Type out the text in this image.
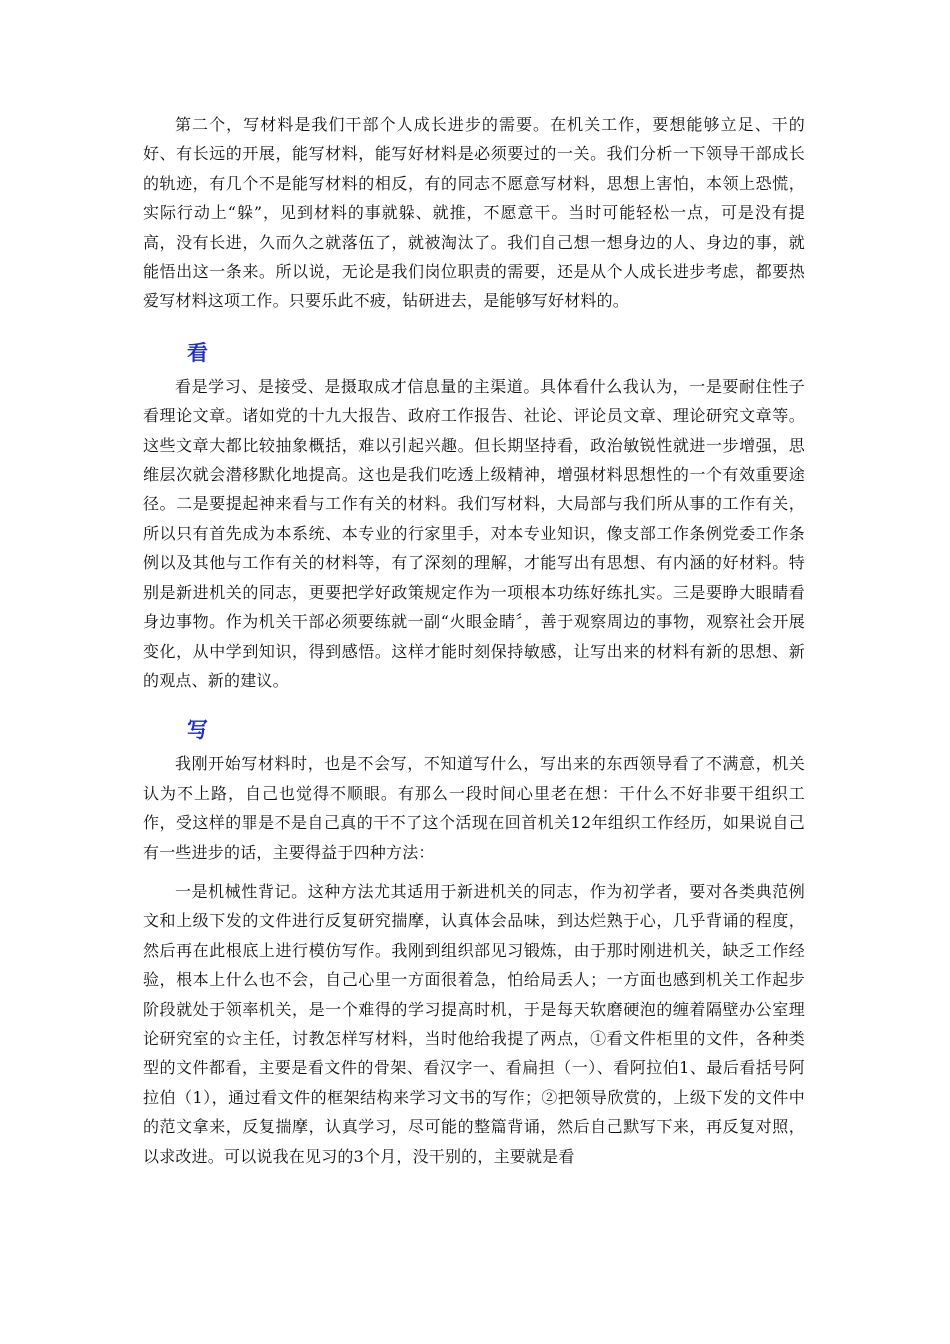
第二个，写材料是我们干部个人成长进步的需要。在机关工作，要想能够立足、干的好、有长远的开展，能写材料，能写好材料是必须要过的一关。我们分析一下领导干部成长的轨迹，有几个不是能写材料的相反，有的同志不愿意写材料，思想上害怕，本领上恐慌，实际行动上“躲”，见到材料的事就躲、就推，不愿意干。当时可能轻松一点，可是没有提高，没有长进，久而久之就落伍了，就被淘汰了。我们自己想一想身边的人、身边的事，就能悟出这一条来。所以说，无论是我们岗位职责的需要，还是从个人成长进步考虑，都要热爱写材料这项工作。只要乐此不疲，钻研进去，是能够写好材料的。

看

看是学习、是接受、是摄取成才信息量的主渠道。具体看什么我认为，一是要耐住性子看理论文章。诸如党的十九大报告、政府工作报告、社论、评论员文章、理论研究文章等。这些文章大都比较抽象概括，难以引起兴趣。但长期坚持看，政治敏锐性就进一步增强，思维层次就会潜移默化地提高。这也是我们吃透上级精神，增强材料思想性的一个有效重要途径。二是要提起神来看与工作有关的材料。我们写材料，大局部与我们所从事的工作有关，所以只有首先成为本系统、本专业的行家里手，对本专业知识，像支部工作条例党委工作条例以及其他与工作有关的材料等，有了深刻的理解，才能写出有思想、有内涵的好材料。特别是新进机关的同志，更要把学好政策规定作为一项根本功练好练扎实。三是要睁大眼睛看身边事物。作为机关干部必须要练就一副“火眼金睛〞，善于观察周边的事物，观察社会开展变化，从中学到知识，得到感悟。这样才能时刻保持敏感，让写出来的材料有新的思想、新的观点、新的建议。

写

我刚开始写材料时，也是不会写，不知道写什么，写出来的东西领导看了不满意，机关认为不上路，自己也觉得不顺眼。有那么一段时间心里老在想：干什么不好非要干组织工作，受这样的罪是不是自己真的干不了这个活现在回首机关12年组织工作经历，如果说自己有一些进步的话，主要得益于四种方法：

一是机械性背记。这种方法尤其适用于新进机关的同志，作为初学者，要对各类典范例文和上级下发的文件进行反复研究揣摩，认真体会品味，到达烂熟于心，几乎背诵的程度，然后再在此根底上进行模仿写作。我刚到组织部见习锻炼，由于那时刚进机关，缺乏工作经验，根本上什么也不会，自己心里一方面很着急，怕给局丢人；一方面也感到机关工作起步阶段就处于领率机关，是一个难得的学习提高时机，于是每天软磨硬泡的缠着隔壁办公室理论研究室的☆主任，讨教怎样写材料，当时他给我提了两点，①看文件柜里的文件，各种类型的文件都看，主要是看文件的骨架、看汉字一、看扁担（一）、看阿拉伯1、最后看括号阿拉伯（1），通过看文件的框架结构来学习文书的写作；②把领导欣赏的，上级下发的文件中的范文拿来，反复揣摩，认真学习，尽可能的整篇背诵，然后自己默写下来，再反复对照，以求改进。可以说我在见习的3个月，没干别的，主要就是看
